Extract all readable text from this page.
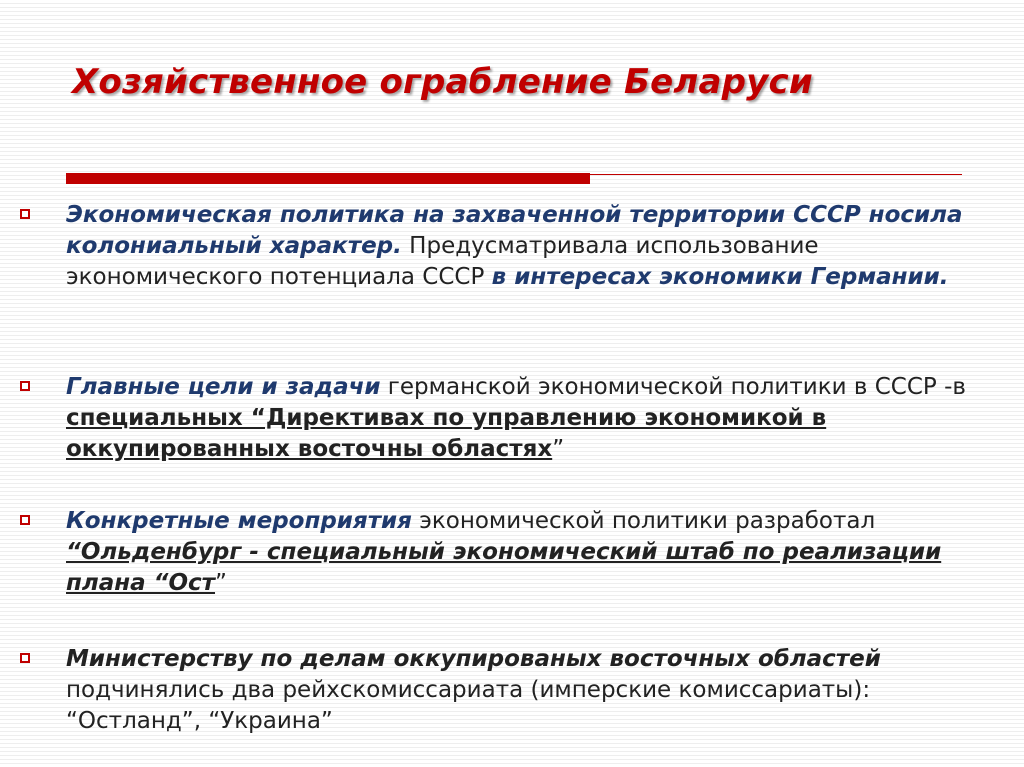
Хозяйственное ограбление Беларуси
Экономическая политика на захваченной территории СССР носила колониальный характер. Предусматривала использование экономического потенциала СССР в интересах экономики Германии.
Главные цели и задачи германской экономической политики в СССР -в специальных “Директивах по управлению экономикой в оккупированных восточны областях”
Конкретные мероприятия экономической политики разработал “Ольденбург - специальный экономический штаб по реализации плана “Ост”
Министерству по делам оккупированых восточных областей подчинялись два рейхскомиссариата (имперские комиссариаты): “Остланд”, “Украина”
